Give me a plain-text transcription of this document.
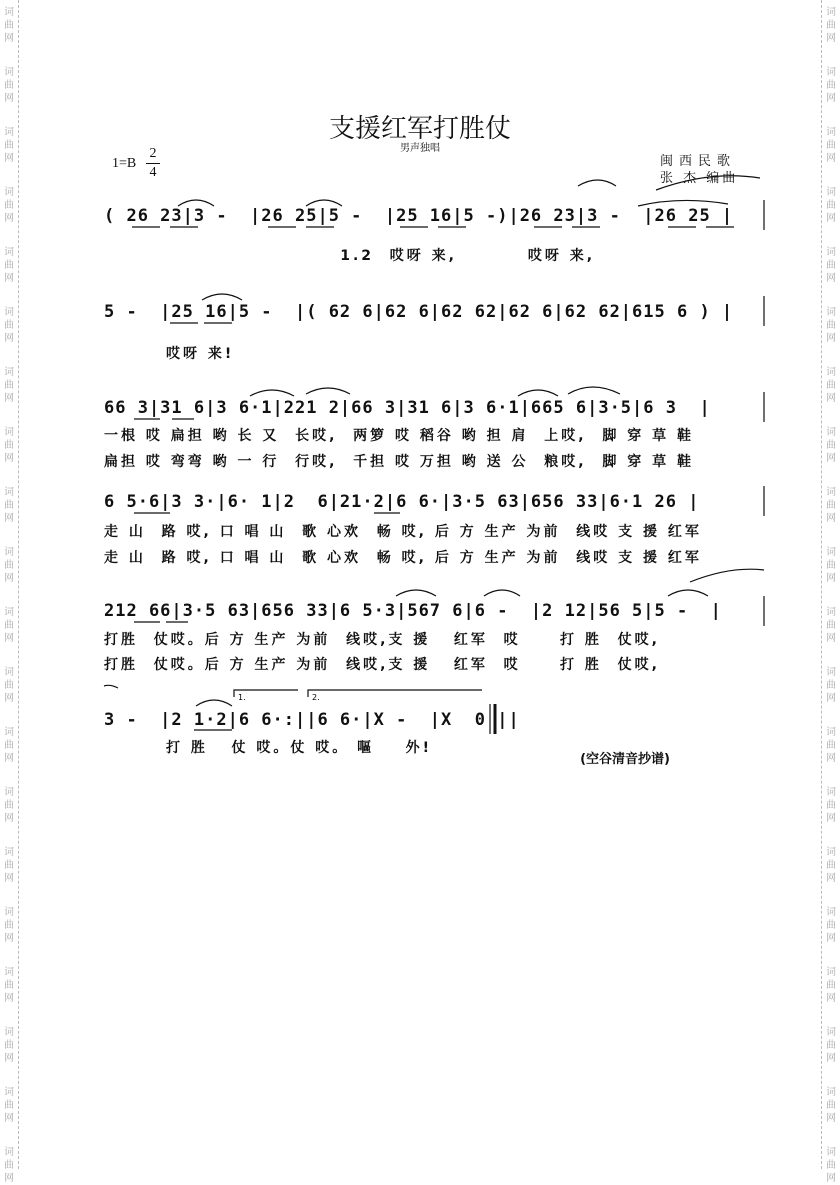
支援红军打胜仗
男声独唱
1=B
2
4
闽西民歌
张 杰 编曲
( 26 23|3 -  |26 25|5 -  |25 16|5 -)|26 23|3 -  |26 25 |
1.2  哎呀 来,         哎呀 来,
5 -  |25 16|5 -  |( 62 6|62 6|62 62|62 6|62 62|615 6 ) |
哎呀 来!
66 3|31 6|3 6·1|221 2|66 3|31 6|3 6·1|665 6|3·5|6 3  |
一根 哎 扁担 哟 长 又  长哎,  两箩 哎 稻谷 哟 担 肩  上哎,  脚 穿 草 鞋
扁担 哎 弯弯 哟 一 行  行哎,  千担 哎 万担 哟 送 公  粮哎,  脚 穿 草 鞋
6 5·6|3 3·|6· 1|2  6|21·2|6 6·|3·5 63|656 33|6·1 26 |
走 山  路 哎, 口 唱 山  歌 心欢  畅 哎, 后 方 生产 为前  线哎 支 援 红军
走 山  路 哎, 口 唱 山  歌 心欢  畅 哎, 后 方 生产 为前  线哎 支 援 红军
212 66|3·5 63|656 33|6 5·3|567 6|6 -  |2 12|56 5|5 -  |
打胜  仗哎。后 方 生产 为前  线哎,支 援   红军  哎     打 胜  仗哎,
打胜  仗哎。后 方 生产 为前  线哎,支 援   红军  哎     打 胜  仗哎,
3 -  |2 1·2|6 6·:||6 6·|X -  |X  0 ||
打 胜   仗 哎。仗 哎。 嘔    外!
(空谷清音抄谱)
1.	2.
词
曲
网
词
曲
网
词
曲
网
词
曲
网
词
曲
网
词
曲
网
词
曲
网
词
曲
网
词
曲
网
词
曲
网
词
曲
网
词
曲
网
词
曲
网
词
曲
网
词
曲
网
词
曲
网
词
曲
网
词
曲
网
词
曲
网
词
曲
网
词
曲
网
词
曲
网
词
曲
网
词
曲
网
词
曲
网
词
曲
网
词
曲
网
词
曲
网
词
曲
网
词
曲
网
词
曲
网
词
曲
网
词
曲
网
词
曲
网
词
曲
网
词
曲
网
词
曲
网
词
曲
网
词
曲
网
词
曲
网
